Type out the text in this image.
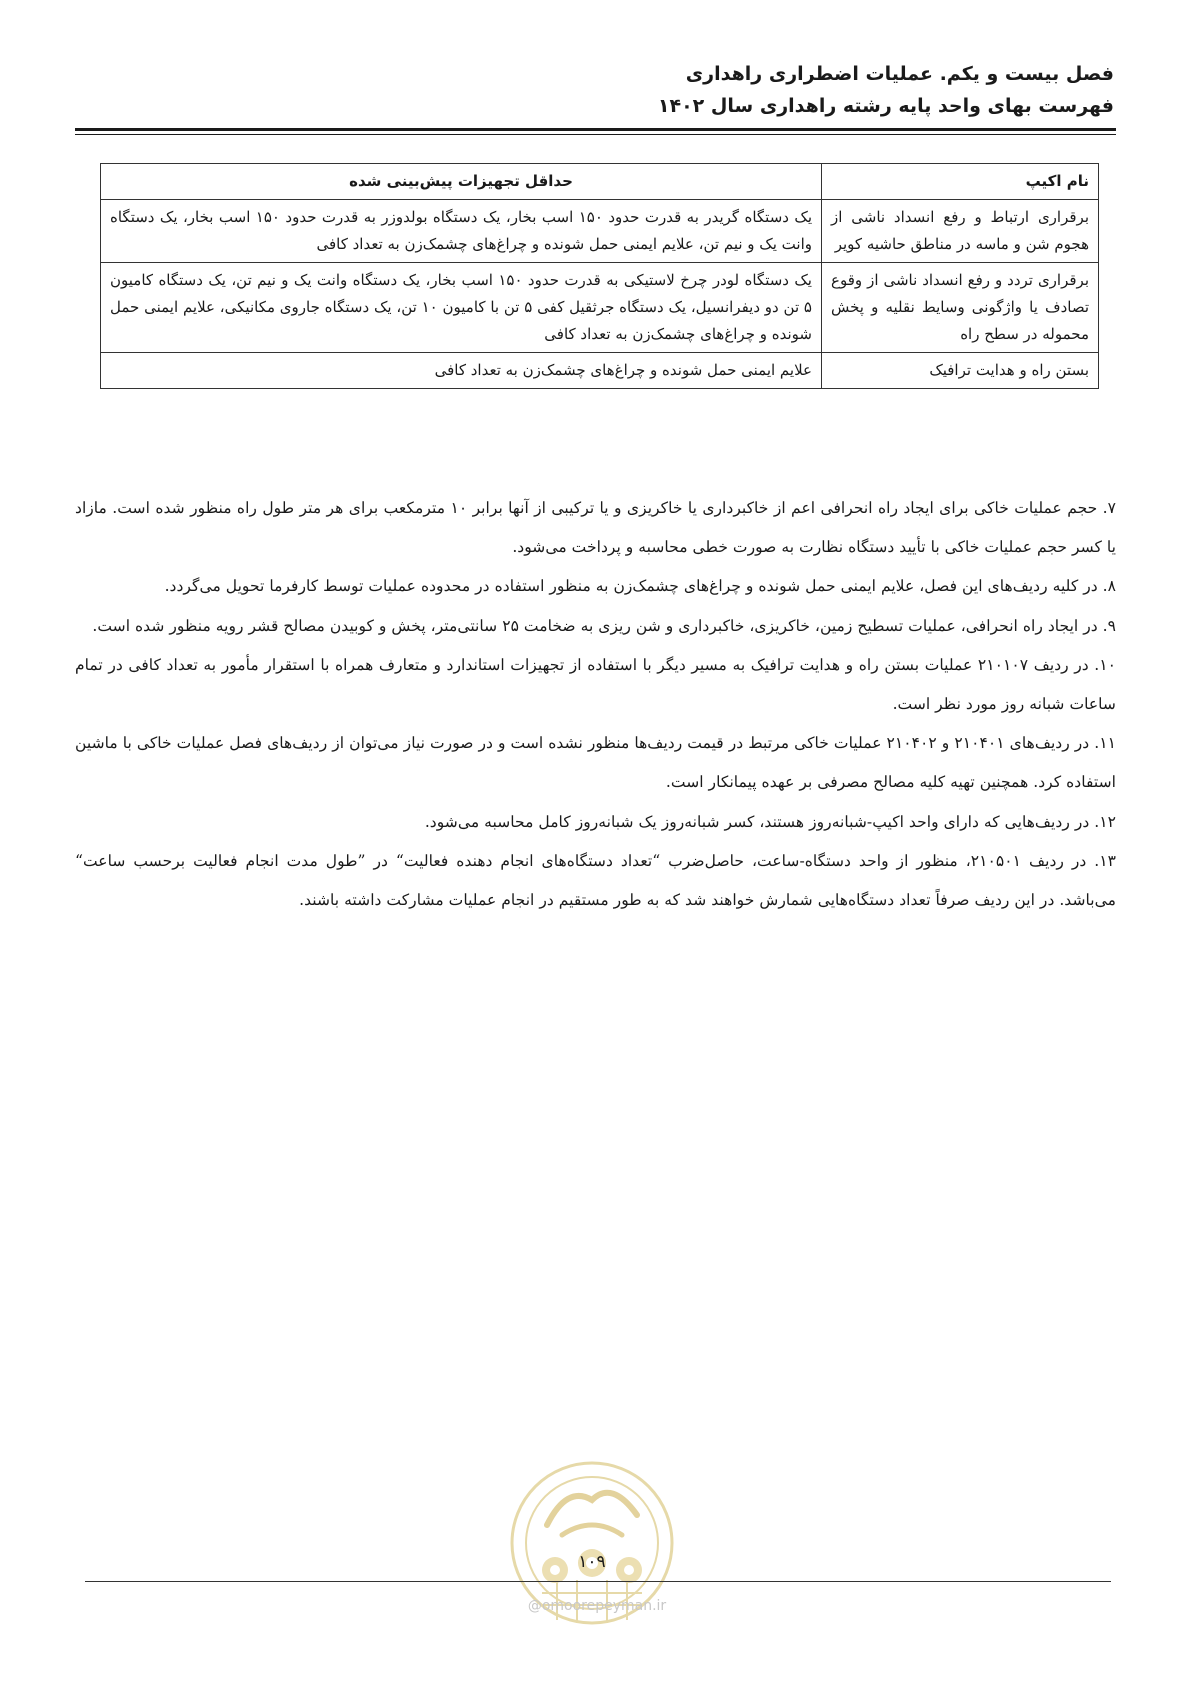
فصل بیست و یکم. عملیات اضطراری راهداری
فهرست بهای واحد پایه رشته راهداری سال ۱۴۰۲
نام اکیپ	حداقل تجهیزات پیش‌بینی شده
برقراری ارتباط و رفع انسداد ناشی از هجوم شن و ماسه در مناطق حاشیه کویر	یک دستگاه گریدر به قدرت حدود ۱۵۰ اسب بخار، یک دستگاه بولدوزر به قدرت حدود ۱۵۰ اسب بخار، یک دستگاه وانت یک و نیم تن، علایم ایمنی حمل شونده و چراغ‌های چشمک‌زن به تعداد کافی
برقراری تردد و رفع انسداد ناشی از وقوع تصادف یا واژگونی وسایط نقلیه و پخش محموله در سطح راه	یک دستگاه لودر چرخ لاستیکی به قدرت حدود ۱۵۰ اسب بخار، یک دستگاه وانت یک و نیم تن، یک دستگاه کامیون ۵ تن دو دیفرانسیل، یک دستگاه جرثقیل کفی ۵ تن با کامیون ۱۰ تن، یک دستگاه جاروی مکانیکی، علایم ایمنی حمل شونده و چراغ‌های چشمک‌زن به تعداد کافی
بستن راه و هدایت ترافیک	علایم ایمنی حمل شونده و چراغ‌های چشمک‌زن به تعداد کافی

۷. حجم عملیات خاکی برای ایجاد راه انحرافی اعم از خاکبرداری یا خاکریزی و یا ترکیبی از آنها برابر ۱۰ مترمکعب برای هر متر طول راه منظور شده است. مازاد یا کسر حجم عملیات خاکی با تأیید دستگاه نظارت به صورت خطی محاسبه و پرداخت می‌شود.

۸. در کلیه ردیف‌های این فصل، علایم ایمنی حمل شونده و چراغ‌های چشمک‌زن به منظور استفاده در محدوده عملیات توسط کارفرما تحویل می‌گردد.

۹. در ایجاد راه انحرافی، عملیات تسطیح زمین، خاکریزی، خاکبرداری و شن ریزی به ضخامت ۲۵ سانتی‌متر، پخش و کوبیدن مصالح قشر رویه منظور شده است.

۱۰. در ردیف ۲۱۰۱۰۷ عملیات بستن راه و هدایت ترافیک به مسیر دیگر با استفاده از تجهیزات استاندارد و متعارف همراه با استقرار مأمور به تعداد کافی در تمام ساعات شبانه روز مورد نظر است.

۱۱. در ردیف‌های ۲۱۰۴۰۱ و ۲۱۰۴۰۲ عملیات خاکی مرتبط در قیمت ردیف‌ها منظور نشده است و در صورت نیاز می‌توان از ردیف‌های فصل عملیات خاکی با ماشین استفاده کرد. همچنین تهیه کلیه مصالح مصرفی بر عهده پیمانکار است.

۱۲. در ردیف‌هایی که دارای واحد اکیپ-شبانه‌روز هستند، کسر شبانه‌روز یک شبانه‌روز کامل محاسبه می‌شود.

۱۳. در ردیف ۲۱۰۵۰۱، منظور از واحد دستگاه-ساعت، حاصل‌ضرب “تعداد دستگاه‌های انجام دهنده فعالیت“ در ”طول مدت انجام فعالیت برحسب ساعت“ می‌باشد. در این ردیف صرفاً تعداد دستگاه‌هایی شمارش خواهند شد که به طور مستقیم در انجام عملیات مشارکت داشته باشند.

۱۰۹
@omoorepeyman.ir
